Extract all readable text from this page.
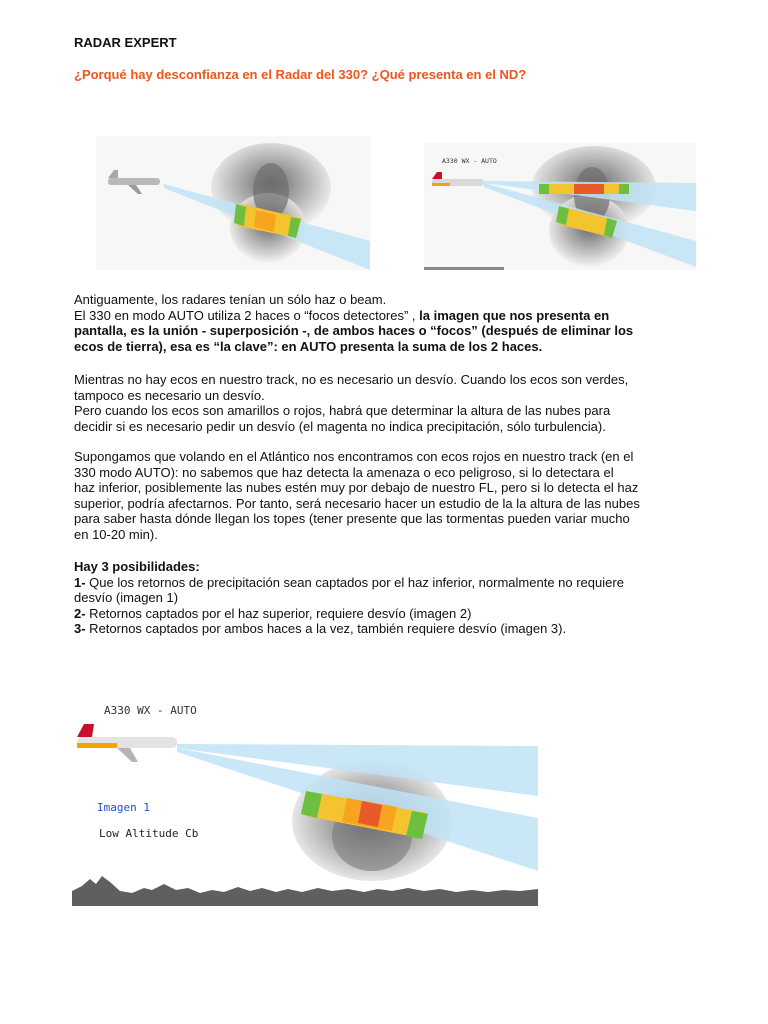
RADAR EXPERT
¿Porqué hay desconfianza en el Radar del 330? ¿Qué presenta en el ND?
A330 WX - AUTO
Antiguamente, los radares tenían un sólo haz o beam.
El 330 en modo AUTO utiliza 2 haces o “focos detectores” , la imagen que nos presenta en
pantalla, es la unión - superposición -, de ambos haces o “focos” (después de eliminar los
ecos de tierra), esa es “la clave”: en AUTO presenta la suma de los 2 haces.
Mientras no hay ecos en nuestro track, no es necesario un desvío. Cuando los ecos son verdes,
tampoco es necesario un desvío.
Pero cuando los ecos son amarillos o rojos, habrá que determinar la altura de las nubes para
decidir si es necesario pedir un desvío (el magenta no indica precipitación, sólo turbulencia).
Supongamos que volando en el Atlántico nos encontramos con ecos rojos en nuestro track (en el
330 modo AUTO): no sabemos que haz detecta la amenaza o eco peligroso, si lo detectara el
haz inferior, posiblemente las nubes estén muy por debajo de nuestro FL, pero si lo detecta el haz
superior, podría afectarnos. Por tanto, será necesario hacer un estudio de la la altura de las nubes
para saber hasta dónde llegan los topes (tener presente que las tormentas pueden variar mucho
en 10-20 min).
Hay 3 posibilidades:
1- Que los retornos de precipitación sean captados por el haz inferior, normalmente no requiere
desvío (imagen 1)
2- Retornos captados por el haz superior, requiere desvío (imagen 2)
3- Retornos captados por ambos haces a la vez, también requiere desvío (imagen 3).
A330 WX - AUTO
Imagen 1
Low Altitude Cb
